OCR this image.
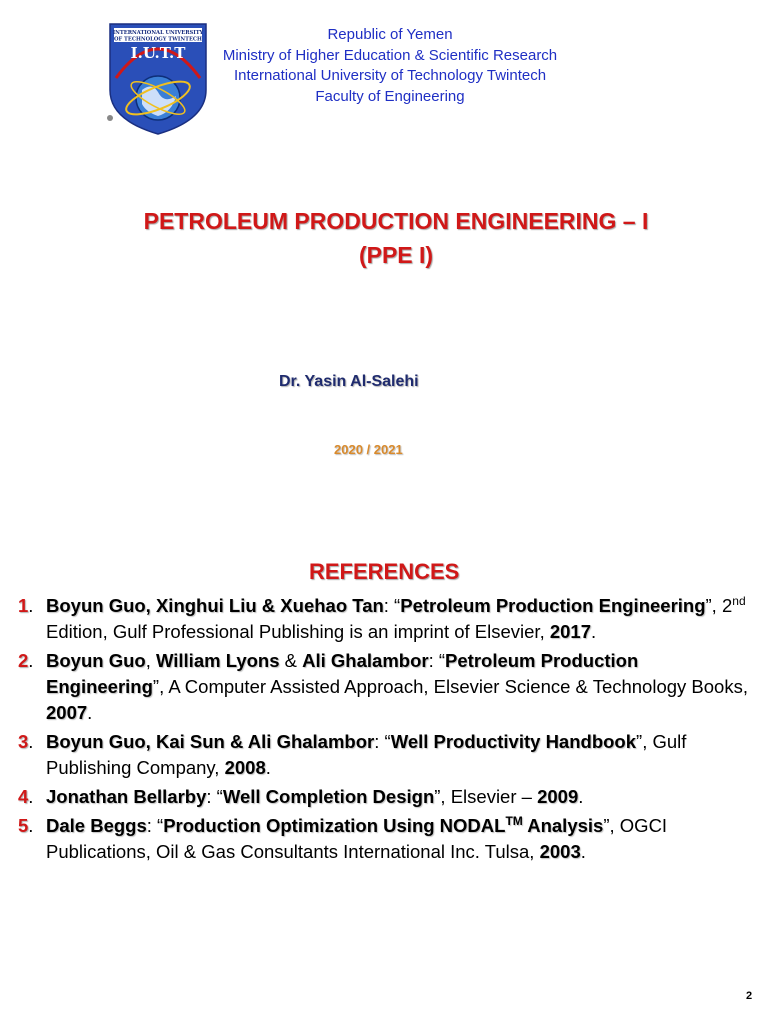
INTERNATIONAL UNIVERSITY
OF TECHNOLOGY TWINTECH
I.U.T.T
Republic of Yemen
Ministry of Higher Education & Scientific Research
International University of Technology Twintech
Faculty of Engineering
PETROLEUM PRODUCTION ENGINEERING – I
(PPE I)
Dr. Yasin Al-Salehi
2020 / 2021
REFERENCES
1. Boyun Guo, Xinghui Liu & Xuehao Tan: “Petroleum Production Engineering”, 2nd Edition, Gulf Professional Publishing is an imprint of Elsevier, 2017.
2. Boyun Guo, William Lyons & Ali Ghalambor: “Petroleum Production Engineering”, A Computer Assisted Approach, Elsevier Science & Technology Books, 2007.
3. Boyun Guo, Kai Sun & Ali Ghalambor: “Well Productivity Handbook”, Gulf Publishing Company, 2008.
4. Jonathan Bellarby: “Well Completion Design”, Elsevier – 2009.
5. Dale Beggs: “Production Optimization Using NODAL™ Analysis”, OGCI Publications, Oil & Gas Consultants International Inc. Tulsa, 2003.
2
